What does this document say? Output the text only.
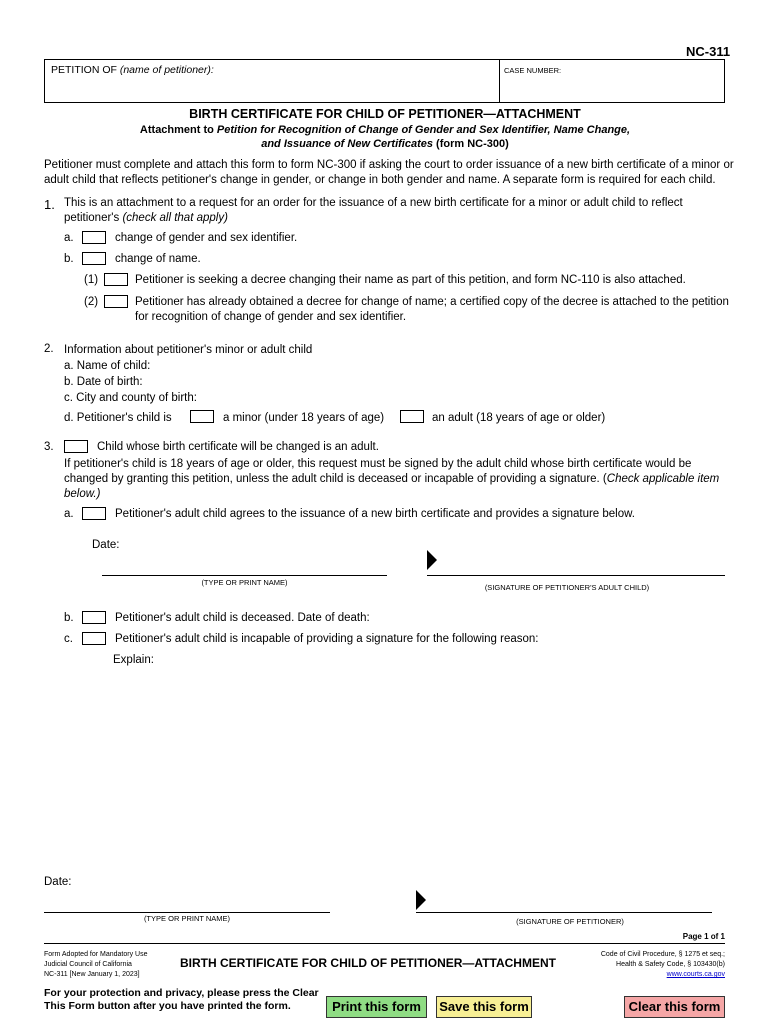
NC-311
PETITION OF (name of petitioner):	CASE NUMBER:
BIRTH CERTIFICATE FOR CHILD OF PETITIONER—ATTACHMENT
Attachment to Petition for Recognition of Change of Gender and Sex Identifier, Name Change,
and Issuance of New Certificates (form NC-300)
Petitioner must complete and attach this form to form NC-300 if asking the court to order issuance of a new birth certificate of a minor or
adult child that reflects petitioner's change in gender, or change in both gender and name. A separate form is required for each child.
1. This is an attachment to a request for an order for the issuance of a new birth certificate for a minor or adult child to reflect
petitioner's (check all that apply)
a.	change of gender and sex identifier.
b.	change of name.
(1)	Petitioner is seeking a decree changing their name as part of this petition, and form NC-110 is also attached.
(2)	Petitioner has already obtained a decree for change of name; a certified copy of the decree is attached to the petition
for recognition of change of gender and sex identifier.
2. Information about petitioner's minor or adult child
a. Name of child:
b. Date of birth:
c. City and county of birth:
d. Petitioner's child is	a minor (under 18 years of age)	an adult (18 years of age or older)
3.	Child whose birth certificate will be changed is an adult.
If petitioner's child is 18 years of age or older, this request must be signed by the adult child whose birth certificate would be
changed by granting this petition, unless the adult child is deceased or incapable of providing a signature. (Check applicable item
below.)
a.	Petitioner's adult child agrees to the issuance of a new birth certificate and provides a signature below.
Date:
(TYPE OR PRINT NAME)
(SIGNATURE OF PETITIONER'S ADULT CHILD)
b.	Petitioner's adult child is deceased. Date of death:
c.	Petitioner's adult child is incapable of providing a signature for the following reason:
Explain:
Date:
(TYPE OR PRINT NAME)	(SIGNATURE OF PETITIONER)
Page 1 of 1
Form Adopted for Mandatory Use
Judicial Council of California
NC-311 [New January 1, 2023]
BIRTH CERTIFICATE FOR CHILD OF PETITIONER—ATTACHMENT
Code of Civil Procedure, § 1275 et seq.;
Health & Safety Code, § 103430(b)
www.courts.ca.gov
For your protection and privacy, please press the Clear
This Form button after you have printed the form.	Print this form	Save this form	Clear this form
